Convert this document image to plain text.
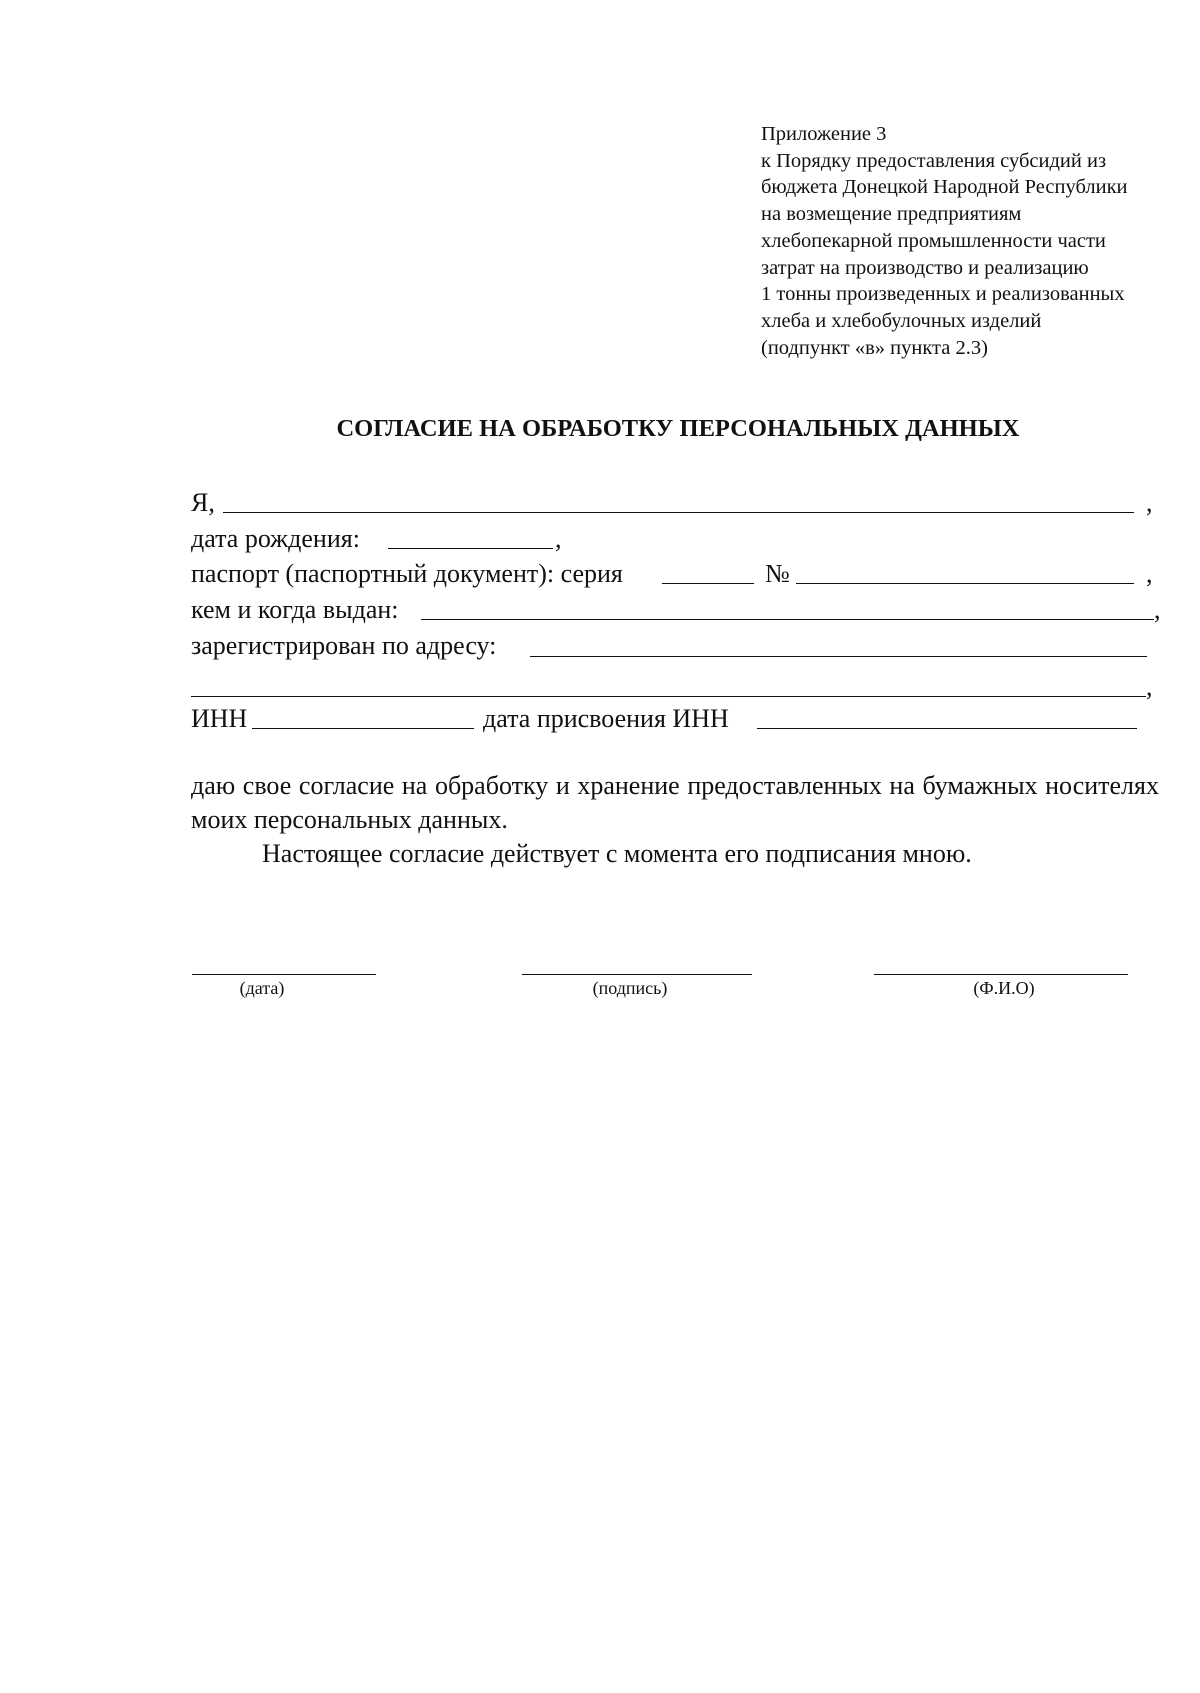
Приложение 3
к Порядку предоставления субсидий из
бюджета Донецкой Народной Республики
на возмещение предприятиям
хлебопекарной промышленности части
затрат на производство и реализацию
1 тонны произведенных и реализованных
хлеба и хлебобулочных изделий
(подпункт «в» пункта 2.3)
СОГЛАСИЕ НА ОБРАБОТКУ ПЕРСОНАЛЬНЫХ ДАННЫХ
Я,	,
дата рождения:	,
паспорт (паспортный документ): серия	№	,
кем и когда выдан:	,
зарегистрирован по адресу:
,
ИНН	дата присвоения ИНН
даю свое согласие на обработку и хранение предоставленных на бумажных носителях моих персональных данных.
Настоящее согласие действует с момента его подписания мною.
(дата)	(подпись)	(Ф.И.О)
